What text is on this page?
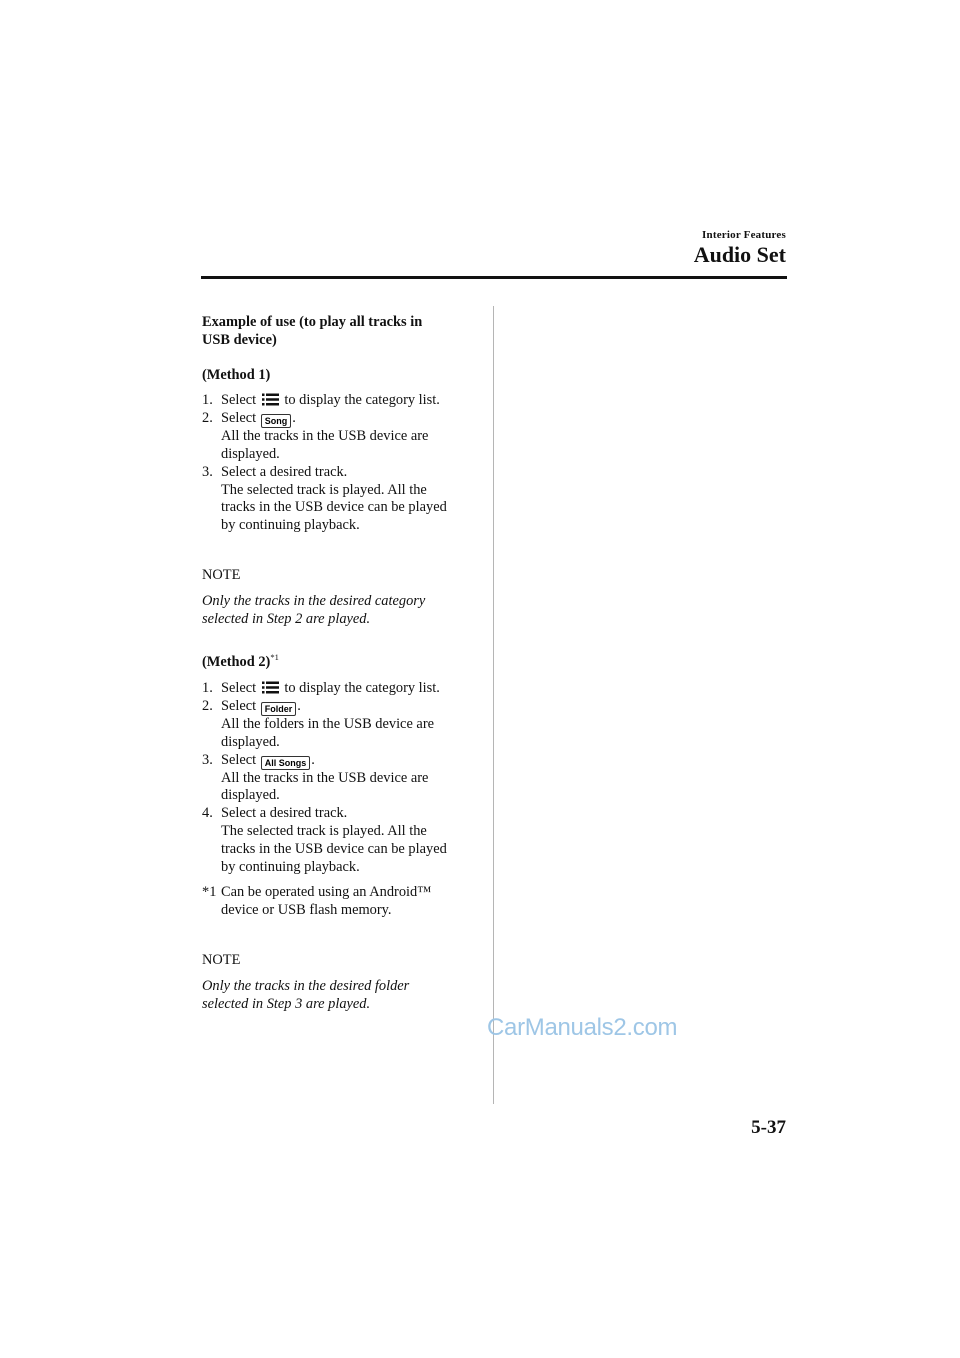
Interior Features
Audio Set

Example of use (to play all tracks in
USB device)

(Method 1)

1. Select to display the category list.
2. Select Song .
All the tracks in the USB device are
displayed.
3. Select a desired track.
The selected track is played. All the
tracks in the USB device can be played
by continuing playback.

NOTE

Only the tracks in the desired category
selected in Step 2 are played.

(Method 2)$^{*1}$

1. Select to display the category list.
2. Select Folder .
All the folders in the USB device are
displayed.
3. Select All Songs .
All the tracks in the USB device are
displayed.
4. Select a desired track.
The selected track is played. All the
tracks in the USB device can be played
by continuing playback.
*1 Can be operated using an Android™
device or USB flash memory.

NOTE

Only the tracks in the desired folder
selected in Step 3 are played.

CarManuals2.com
5-37
